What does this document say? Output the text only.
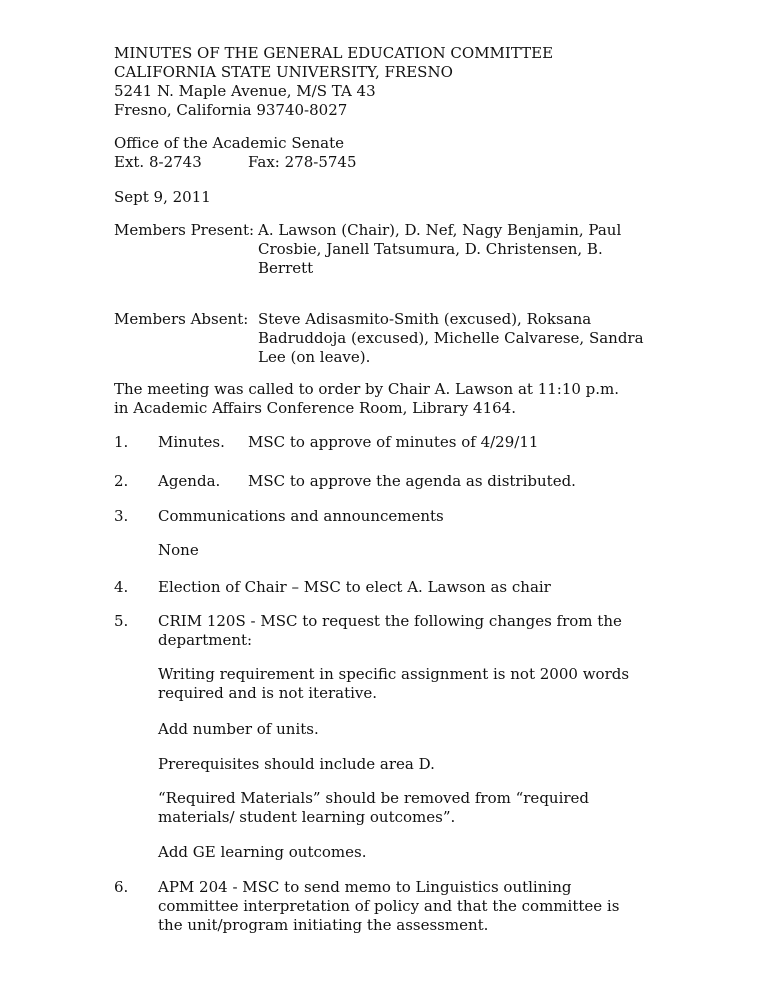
MINUTES OF THE GENERAL EDUCATION COMMITTEE

CALIFORNIA STATE UNIVERSITY, FRESNO

5241 N. Maple Avenue, M/S TA 43

Fresno, California 93740-8027

Office of the Academic Senate

Ext. 8-2743	Fax: 278-5745

Sept 9, 2011

Members Present: A. Lawson (Chair), D. Nef, Nagy Benjamin, Paul Crosbie, Janell Tatsumura, D. Christensen, B. Berrett

Members Absent: Steve Adisasmito-Smith (excused), Roksana Badruddoja (excused), Michelle Calvarese, Sandra Lee (on leave).

The meeting was called to order by Chair A. Lawson at 11:10 p.m. in Academic Affairs Conference Room, Library 4164.

1. Minutes. MSC to approve of minutes of 4/29/11

2. Agenda. MSC to approve the agenda as distributed.

3. Communications and announcements

None

4. Election of Chair – MSC to elect A. Lawson as chair

5. CRIM 120S - MSC to request the following changes from the department:

Writing requirement in specific assignment is not 2000 words required and is not iterative.

Add number of units.

Prerequisites should include area D.

“Required Materials” should be removed from “required materials/ student learning outcomes”.

Add GE learning outcomes.

6. APM 204 - MSC to send memo to Linguistics outlining committee interpretation of policy and that the committee is the unit/program initiating the assessment.
